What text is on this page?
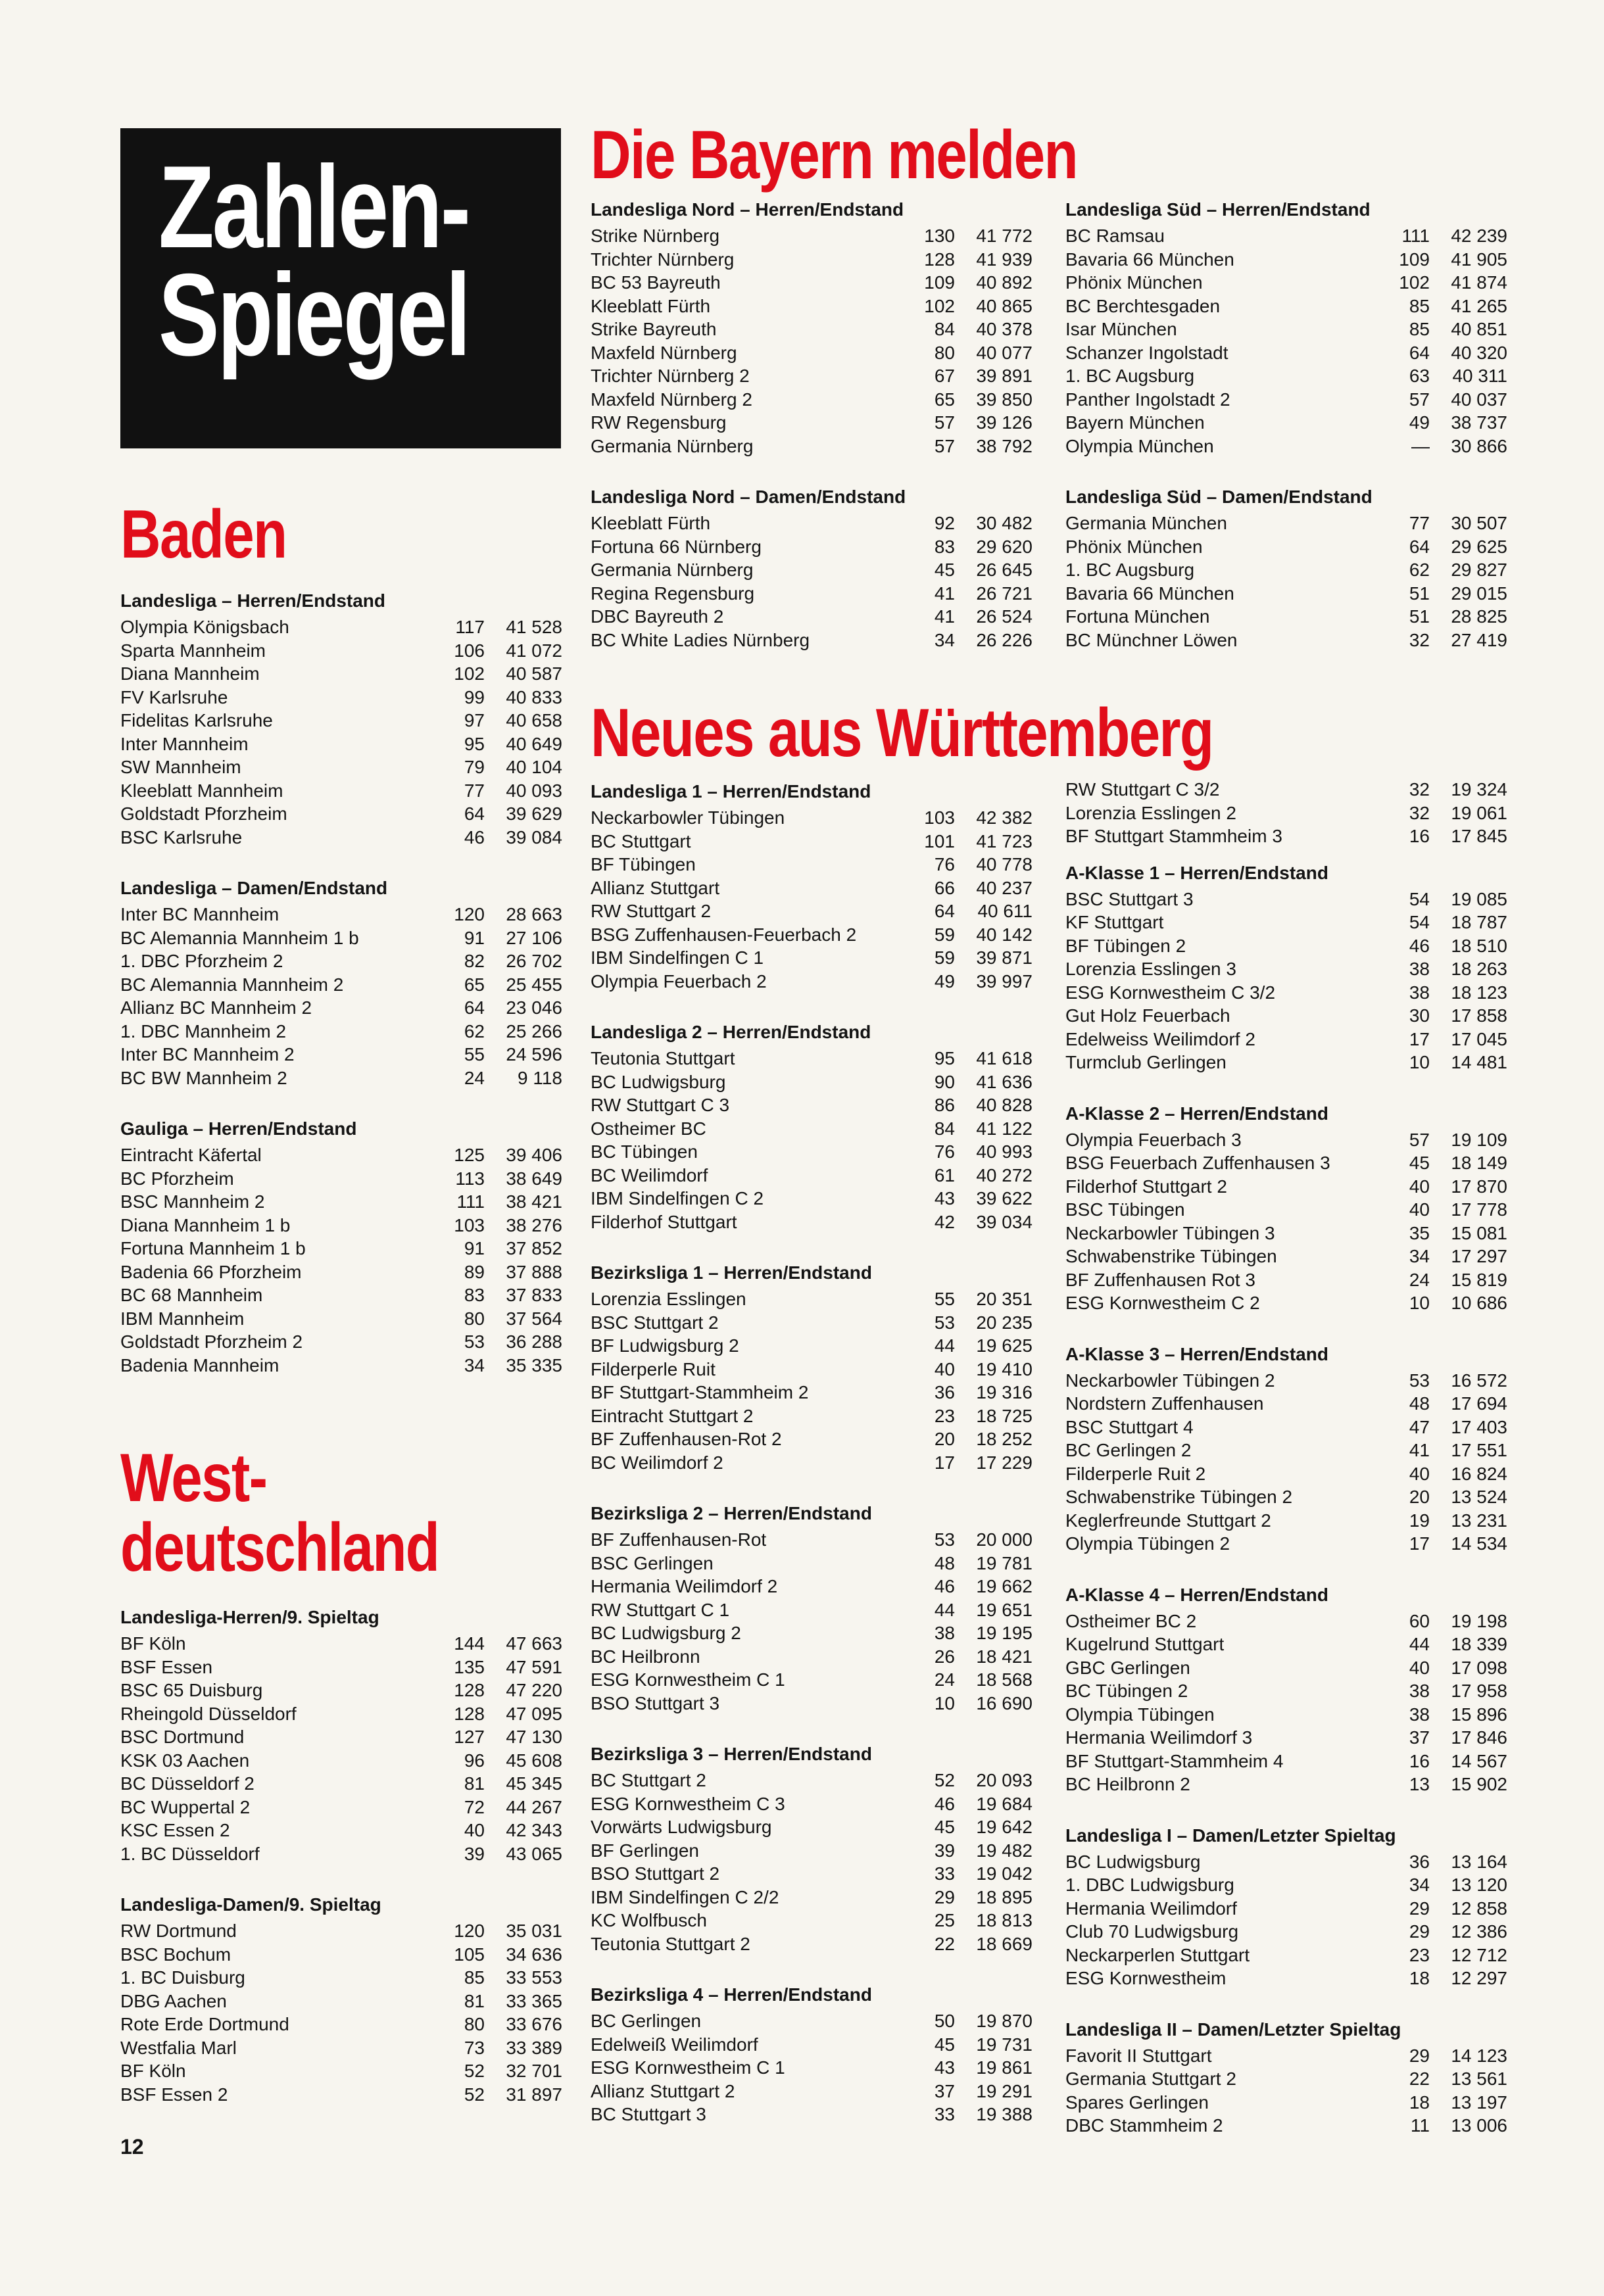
Zahlen-
Spiegel
Die Bayern melden
Baden
West-
deutschland
Neues aus Württemberg
Landesliga – Herren/Endstand
Olympia Königsbach	117	41 528
Sparta Mannheim	106	41 072
Diana Mannheim	102	40 587
FV Karlsruhe	99	40 833
Fidelitas Karlsruhe	97	40 658
Inter Mannheim	95	40 649
SW Mannheim	79	40 104
Kleeblatt Mannheim	77	40 093
Goldstadt Pforzheim	64	39 629
BSC Karlsruhe	46	39 084
Landesliga – Damen/Endstand
Inter BC Mannheim	120	28 663
BC Alemannia Mannheim 1 b	91	27 106
1. DBC Pforzheim 2	82	26 702
BC Alemannia Mannheim 2	65	25 455
Allianz BC Mannheim 2	64	23 046
1. DBC Mannheim 2	62	25 266
Inter BC Mannheim 2	55	24 596
BC BW Mannheim 2	24	9 118
Gauliga – Herren/Endstand
Eintracht Käfertal	125	39 406
BC Pforzheim	113	38 649
BSC Mannheim 2	111	38 421
Diana Mannheim 1 b	103	38 276
Fortuna Mannheim 1 b	91	37 852
Badenia 66 Pforzheim	89	37 888
BC 68 Mannheim	83	37 833
IBM Mannheim	80	37 564
Goldstadt Pforzheim 2	53	36 288
Badenia Mannheim	34	35 335
Landesliga-Herren/9. Spieltag
BF Köln	144	47 663
BSF Essen	135	47 591
BSC 65 Duisburg	128	47 220
Rheingold Düsseldorf	128	47 095
BSC Dortmund	127	47 130
KSK 03 Aachen	96	45 608
BC Düsseldorf 2	81	45 345
BC Wuppertal 2	72	44 267
KSC Essen 2	40	42 343
1. BC Düsseldorf	39	43 065
Landesliga-Damen/9. Spieltag
RW Dortmund	120	35 031
BSC Bochum	105	34 636
1. BC Duisburg	85	33 553
DBG Aachen	81	33 365
Rote Erde Dortmund	80	33 676
Westfalia Marl	73	33 389
BF Köln	52	32 701
BSF Essen 2	52	31 897
Landesliga Nord – Herren/Endstand
Strike Nürnberg	130	41 772
Trichter Nürnberg	128	41 939
BC 53 Bayreuth	109	40 892
Kleeblatt Fürth	102	40 865
Strike Bayreuth	84	40 378
Maxfeld Nürnberg	80	40 077
Trichter Nürnberg 2	67	39 891
Maxfeld Nürnberg 2	65	39 850
RW Regensburg	57	39 126
Germania Nürnberg	57	38 792
Landesliga Nord – Damen/Endstand
Kleeblatt Fürth	92	30 482
Fortuna 66 Nürnberg	83	29 620
Germania Nürnberg	45	26 645
Regina Regensburg	41	26 721
DBC Bayreuth 2	41	26 524
BC White Ladies Nürnberg	34	26 226
Landesliga Süd – Herren/Endstand
BC Ramsau	111	42 239
Bavaria 66 München	109	41 905
Phönix München	102	41 874
BC Berchtesgaden	85	41 265
Isar München	85	40 851
Schanzer Ingolstadt	64	40 320
1. BC Augsburg	63	40 311
Panther Ingolstadt 2	57	40 037
Bayern München	49	38 737
Olympia München	—	30 866
Landesliga Süd – Damen/Endstand
Germania München	77	30 507
Phönix München	64	29 625
1. BC Augsburg	62	29 827
Bavaria 66 München	51	29 015
Fortuna München	51	28 825
BC Münchner Löwen	32	27 419
Landesliga 1 – Herren/Endstand
Neckarbowler Tübingen	103	42 382
BC Stuttgart	101	41 723
BF Tübingen	76	40 778
Allianz Stuttgart	66	40 237
RW Stuttgart 2	64	40 611
BSG Zuffenhausen-Feuerbach 2	59	40 142
IBM Sindelfingen C 1	59	39 871
Olympia Feuerbach 2	49	39 997
Landesliga 2 – Herren/Endstand
Teutonia Stuttgart	95	41 618
BC Ludwigsburg	90	41 636
RW Stuttgart C 3	86	40 828
Ostheimer BC	84	41 122
BC Tübingen	76	40 993
BC Weilimdorf	61	40 272
IBM Sindelfingen C 2	43	39 622
Filderhof Stuttgart	42	39 034
Bezirksliga 1 – Herren/Endstand
Lorenzia Esslingen	55	20 351
BSC Stuttgart 2	53	20 235
BF Ludwigsburg 2	44	19 625
Filderperle Ruit	40	19 410
BF Stuttgart-Stammheim 2	36	19 316
Eintracht Stuttgart 2	23	18 725
BF Zuffenhausen-Rot 2	20	18 252
BC Weilimdorf 2	17	17 229
Bezirksliga 2 – Herren/Endstand
BF Zuffenhausen-Rot	53	20 000
BSC Gerlingen	48	19 781
Hermania Weilimdorf 2	46	19 662
RW Stuttgart C 1	44	19 651
BC Ludwigsburg 2	38	19 195
BC Heilbronn	26	18 421
ESG Kornwestheim C 1	24	18 568
BSO Stuttgart 3	10	16 690
Bezirksliga 3 – Herren/Endstand
BC Stuttgart 2	52	20 093
ESG Kornwestheim C 3	46	19 684
Vorwärts Ludwigsburg	45	19 642
BF Gerlingen	39	19 482
BSO Stuttgart 2	33	19 042
IBM Sindelfingen C 2/2	29	18 895
KC Wolfbusch	25	18 813
Teutonia Stuttgart 2	22	18 669
Bezirksliga 4 – Herren/Endstand
BC Gerlingen	50	19 870
Edelweiß Weilimdorf	45	19 731
ESG Kornwestheim C 1	43	19 861
Allianz Stuttgart 2	37	19 291
BC Stuttgart 3	33	19 388
RW Stuttgart C 3/2	32	19 324
Lorenzia Esslingen 2	32	19 061
BF Stuttgart Stammheim 3	16	17 845
A-Klasse 1 – Herren/Endstand
BSC Stuttgart 3	54	19 085
KF Stuttgart	54	18 787
BF Tübingen 2	46	18 510
Lorenzia Esslingen 3	38	18 263
ESG Kornwestheim C 3/2	38	18 123
Gut Holz Feuerbach	30	17 858
Edelweiss Weilimdorf 2	17	17 045
Turmclub Gerlingen	10	14 481
A-Klasse 2 – Herren/Endstand
Olympia Feuerbach 3	57	19 109
BSG Feuerbach Zuffenhausen 3	45	18 149
Filderhof Stuttgart 2	40	17 870
BSC Tübingen	40	17 778
Neckarbowler Tübingen 3	35	15 081
Schwabenstrike Tübingen	34	17 297
BF Zuffenhausen Rot 3	24	15 819
ESG Kornwestheim C 2	10	10 686
A-Klasse 3 – Herren/Endstand
Neckarbowler Tübingen 2	53	16 572
Nordstern Zuffenhausen	48	17 694
BSC Stuttgart 4	47	17 403
BC Gerlingen 2	41	17 551
Filderperle Ruit 2	40	16 824
Schwabenstrike Tübingen 2	20	13 524
Keglerfreunde Stuttgart 2	19	13 231
Olympia Tübingen 2	17	14 534
A-Klasse 4 – Herren/Endstand
Ostheimer BC 2	60	19 198
Kugelrund Stuttgart	44	18 339
GBC Gerlingen	40	17 098
BC Tübingen 2	38	17 958
Olympia Tübingen	38	15 896
Hermania Weilimdorf 3	37	17 846
BF Stuttgart-Stammheim 4	16	14 567
BC Heilbronn 2	13	15 902
Landesliga I – Damen/Letzter Spieltag
BC Ludwigsburg	36	13 164
1. DBC Ludwigsburg	34	13 120
Hermania Weilimdorf	29	12 858
Club 70 Ludwigsburg	29	12 386
Neckarperlen Stuttgart	23	12 712
ESG Kornwestheim	18	12 297
Landesliga II – Damen/Letzter Spieltag
Favorit II Stuttgart	29	14 123
Germania Stuttgart 2	22	13 561
Spares Gerlingen	18	13 197
DBC Stammheim 2	11	13 006
12
